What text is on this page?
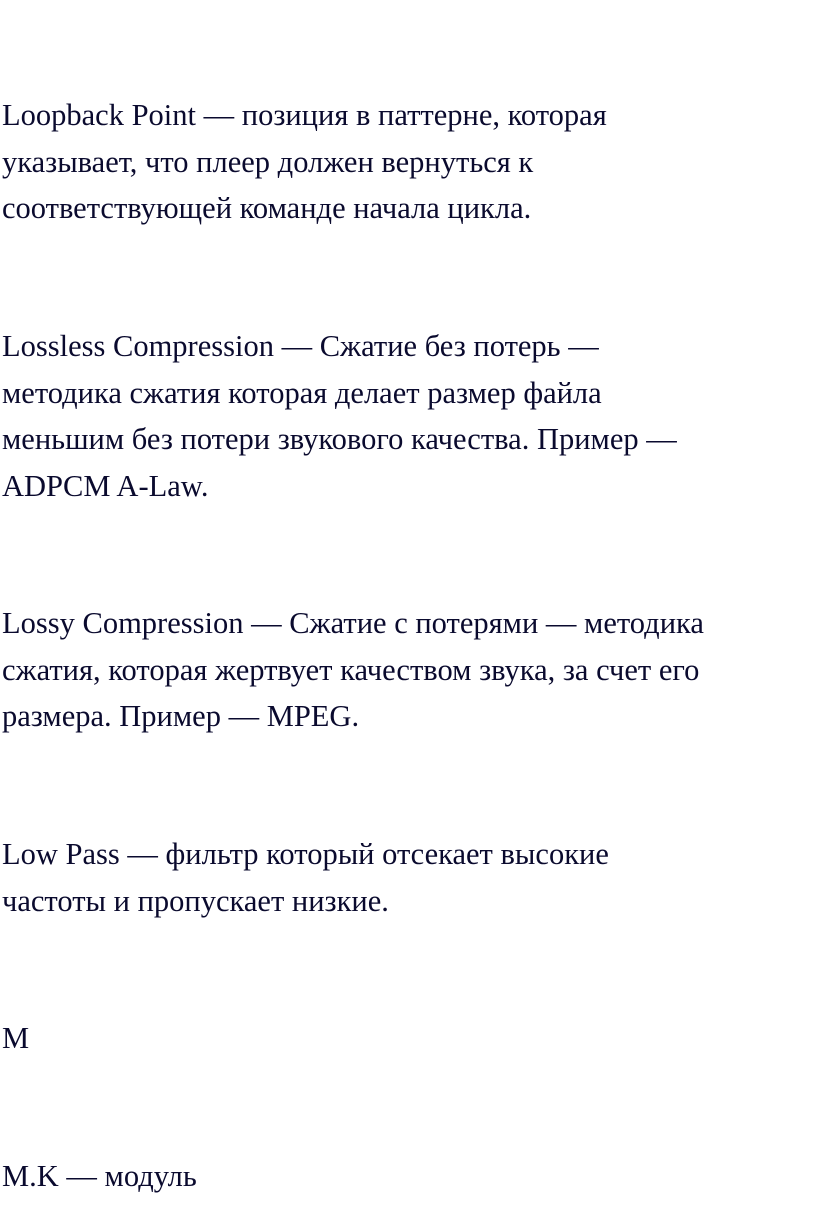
Loopback Point — позиция в паттерне, которая
указывает, что плеер должен вернуться к
соответствующей команде начала цикла.

Lossless Compression — Сжатие без потерь —
методика сжатия которая делает размер файла
меньшим без потери звукового качества. Пример —
ADPCM A-Law.

Lossy Compression — Сжатие с потерями — методика
сжатия, которая жертвует качеством звука, за счет его
размера. Пример — MPEG.

Low Pass — фильтр который отсекает высокие
частоты и пропускает низкие.

M

M.K — модуль
